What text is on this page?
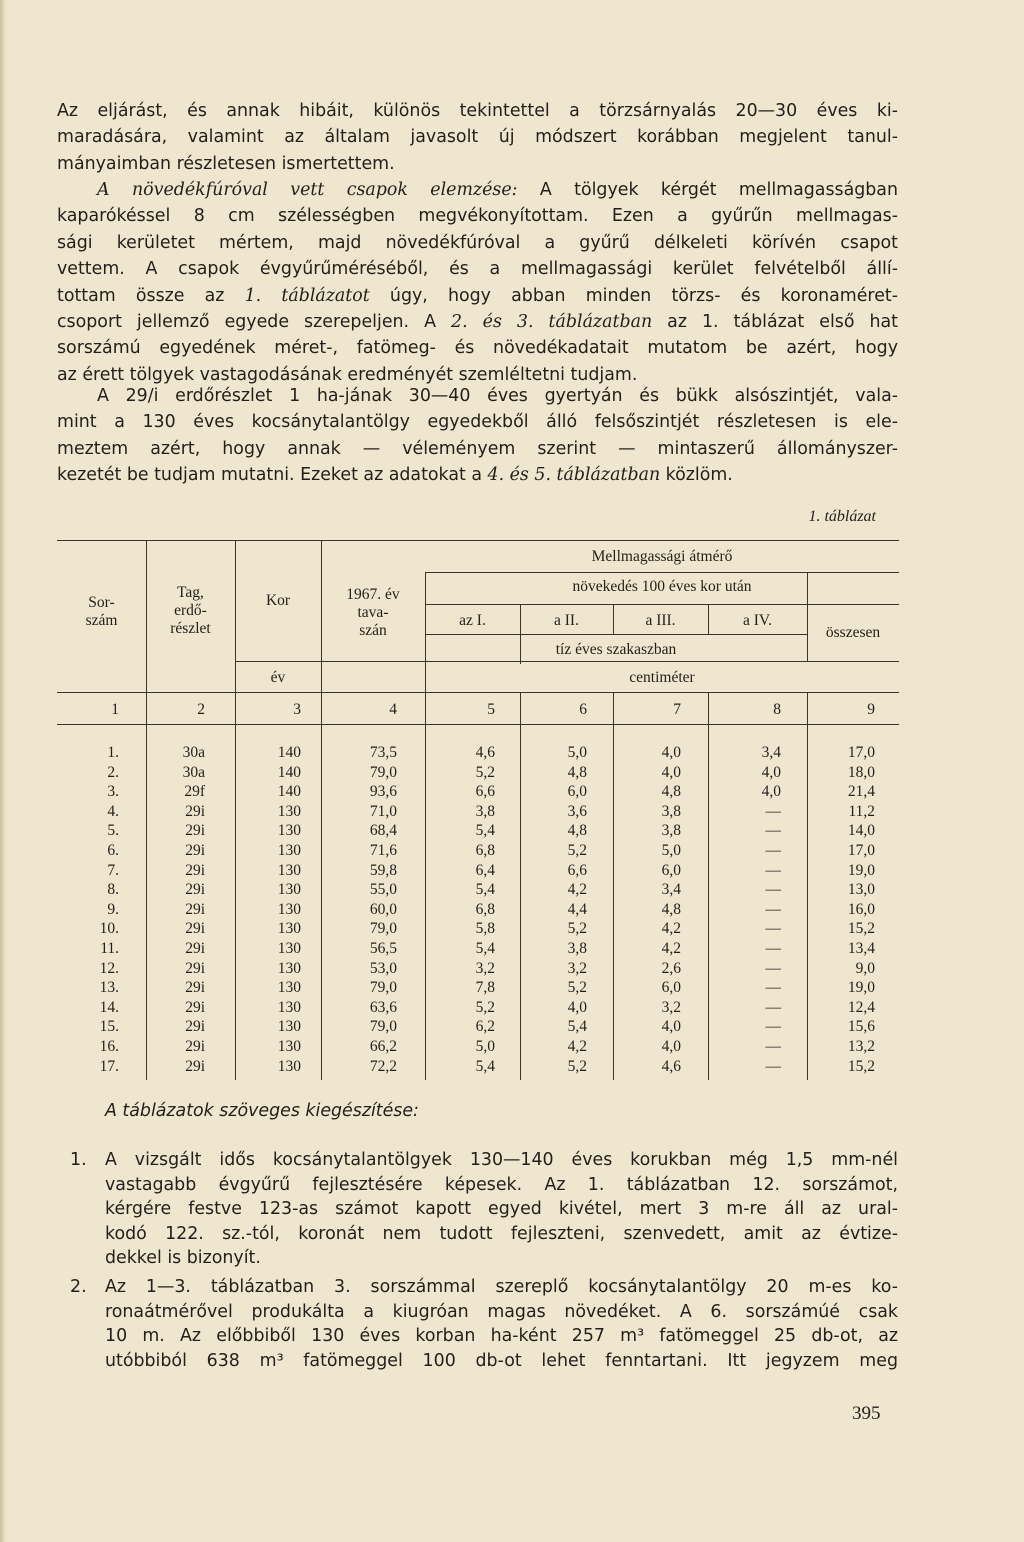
Az eljárást, és annak hibáit, különös tekintettel a törzsárnyalás 20—30 éves ki-
maradására, valamint az általam javasolt új módszert korábban megjelent tanul-
mányaimban részletesen ismertettem.

A növedékfúróval vett csapok elemzése: A tölgyek kérgét mellmagasságban
kaparókéssel 8 cm szélességben megvékonyítottam. Ezen a gyűrűn mellmagas-
sági kerületet mértem, majd növedékfúróval a gyűrű délkeleti körívén csapot
vettem. A csapok évgyűrűméréséből, és a mellmagassági kerület felvételből állí-
tottam össze az 1. táblázatot úgy, hogy abban minden törzs- és koronaméret-
csoport jellemző egyede szerepeljen. A 2. és 3. táblázatban az 1. táblázat első hat
sorszámú egyedének méret-, fatömeg- és növedékadatait mutatom be azért, hogy
az érett tölgyek vastagodásának eredményét szemléltetni tudjam.

A 29/i erdőrészlet 1 ha-jának 30—40 éves gyertyán és bükk alsószintjét, vala-
mint a 130 éves kocsánytalantölgy egyedekből álló felsőszintjét részletesen is ele-
meztem azért, hogy annak — véleményem szerint — mintaszerű állományszer-
kezetét be tudjam mutatni. Ezeket az adatokat a 4. és 5. táblázatban közlöm.

1. táblázat
Sor-
szám
Tag,
erdő-
részlet
Kor
év
1967. év
tava-
szán
Mellmagassági átmérő
növekedés 100 éves kor után
az I.	a II.	a III.	a IV.
tíz éves szakaszban
összesen
centiméter
1	2	3	4	5	6	7	8	9
1.	30a	140	73,5	4,6	5,0	4,0	3,4	17,0
2.	30a	140	79,0	5,2	4,8	4,0	4,0	18,0
3.	29f	140	93,6	6,6	6,0	4,8	4,0	21,4
4.	29i	130	71,0	3,8	3,6	3,8	—	11,2
5.	29i	130	68,4	5,4	4,8	3,8	—	14,0
6.	29i	130	71,6	6,8	5,2	5,0	—	17,0
7.	29i	130	59,8	6,4	6,6	6,0	—	19,0
8.	29i	130	55,0	5,4	4,2	3,4	—	13,0
9.	29i	130	60,0	6,8	4,4	4,8	—	16,0
10.	29i	130	79,0	5,8	5,2	4,2	—	15,2
11.	29i	130	56,5	5,4	3,8	4,2	—	13,4
12.	29i	130	53,0	3,2	3,2	2,6	—	9,0
13.	29i	130	79,0	7,8	5,2	6,0	—	19,0
14.	29i	130	63,6	5,2	4,0	3,2	—	12,4
15.	29i	130	79,0	6,2	5,4	4,0	—	15,6
16.	29i	130	66,2	5,0	4,2	4,0	—	13,2
17.	29i	130	72,2	5,4	5,2	4,6	—	15,2
A táblázatok szöveges kiegészítése:
1. A vizsgált idős kocsánytalantölgyek 130—140 éves korukban még 1,5 mm-nél
vastagabb évgyűrű fejlesztésére képesek. Az 1. táblázatban 12. sorszámot,
kérgére festve 123-as számot kapott egyed kivétel, mert 3 m-re áll az ural-
kodó 122. sz.-tól, koronát nem tudott fejleszteni, szenvedett, amit az évtize-
dekkel is bizonyít.
2. Az 1—3. táblázatban 3. sorszámmal szereplő kocsánytalantölgy 20 m-es ko-
ronaátmérővel produkálta a kiugróan magas növedéket. A 6. sorszámúé csak
10 m. Az előbbiből 130 éves korban ha-ként 257 m³ fatömeggel 25 db-ot, az
utóbbiból 638 m³ fatömeggel 100 db-ot lehet fenntartani. Itt jegyzem meg
395
